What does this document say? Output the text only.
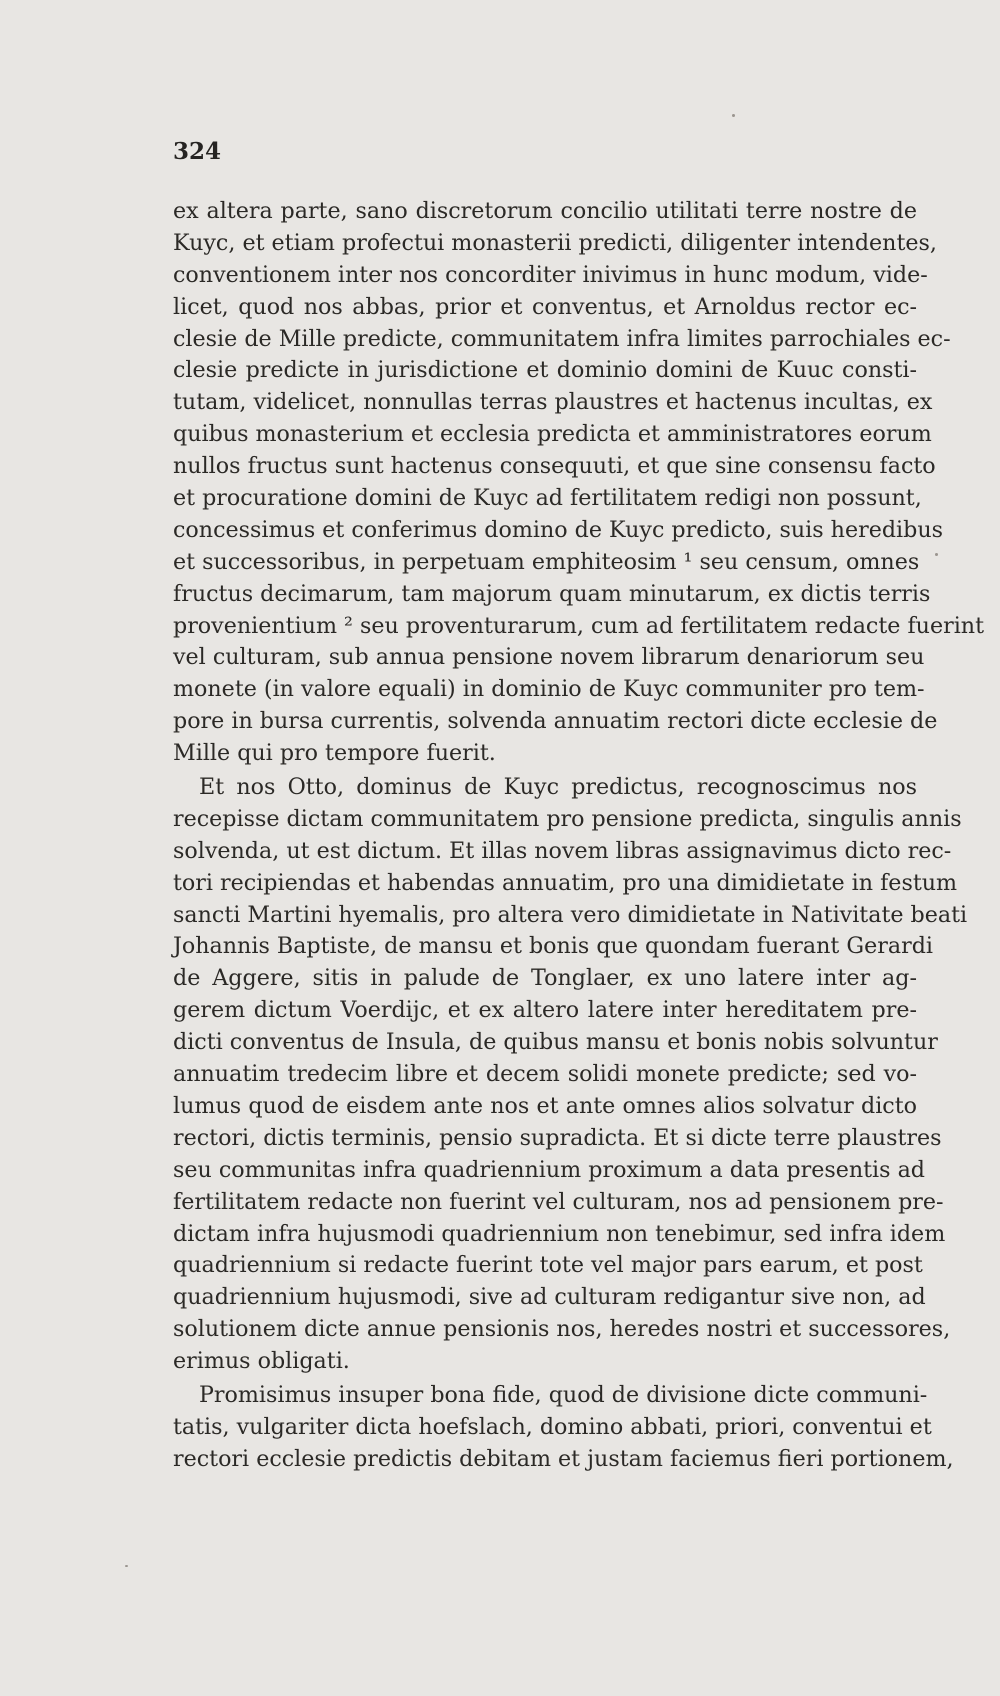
324
ex altera parte, sano discretorum concilio utilitati terre nostre de
Kuyc, et etiam profectui monasterii predicti, diligenter intendentes,
conventionem inter nos concorditer inivimus in hunc modum, vide-
licet, quod nos abbas, prior et conventus, et Arnoldus rector ec-
clesie de Mille predicte, communitatem infra limites parrochiales ec-
clesie predicte in jurisdictione et dominio domini de Kuuc consti-
tutam, videlicet, nonnullas terras plaustres et hactenus incultas, ex
quibus monasterium et ecclesia predicta et amministratores eorum
nullos fructus sunt hactenus consequuti, et que sine consensu facto
et procuratione domini de Kuyc ad fertilitatem redigi non possunt,
concessimus et conferimus domino de Kuyc predicto, suis heredibus
et successoribus, in perpetuam emphiteosim ¹ seu censum, omnes
fructus decimarum, tam majorum quam minutarum, ex dictis terris
provenientium ² seu proventurarum, cum ad fertilitatem redacte fuerint
vel culturam, sub annua pensione novem librarum denariorum seu
monete (in valore equali) in dominio de Kuyc communiter pro tem-
pore in bursa currentis, solvenda annuatim rectori dicte ecclesie de
Mille qui pro tempore fuerit.
Et nos Otto, dominus de Kuyc predictus, recognoscimus nos
recepisse dictam communitatem pro pensione predicta, singulis annis
solvenda, ut est dictum. Et illas novem libras assignavimus dicto rec-
tori recipiendas et habendas annuatim, pro una dimidietate in festum
sancti Martini hyemalis, pro altera vero dimidietate in Nativitate beati
Johannis Baptiste, de mansu et bonis que quondam fuerant Gerardi
de Aggere, sitis in palude de Tonglaer, ex uno latere inter ag-
gerem dictum Voerdijc, et ex altero latere inter hereditatem pre-
dicti conventus de Insula, de quibus mansu et bonis nobis solvuntur
annuatim tredecim libre et decem solidi monete predicte; sed vo-
lumus quod de eisdem ante nos et ante omnes alios solvatur dicto
rectori, dictis terminis, pensio supradicta. Et si dicte terre plaustres
seu communitas infra quadriennium proximum a data presentis ad
fertilitatem redacte non fuerint vel culturam, nos ad pensionem pre-
dictam infra hujusmodi quadriennium non tenebimur, sed infra idem
quadriennium si redacte fuerint tote vel major pars earum, et post
quadriennium hujusmodi, sive ad culturam redigantur sive non, ad
solutionem dicte annue pensionis nos, heredes nostri et successores,
erimus obligati.
Promisimus insuper bona fide, quod de divisione dicte communi-
tatis, vulgariter dicta hoefslach, domino abbati, priori, conventui et
rectori ecclesie predictis debitam et justam faciemus fieri portionem,
